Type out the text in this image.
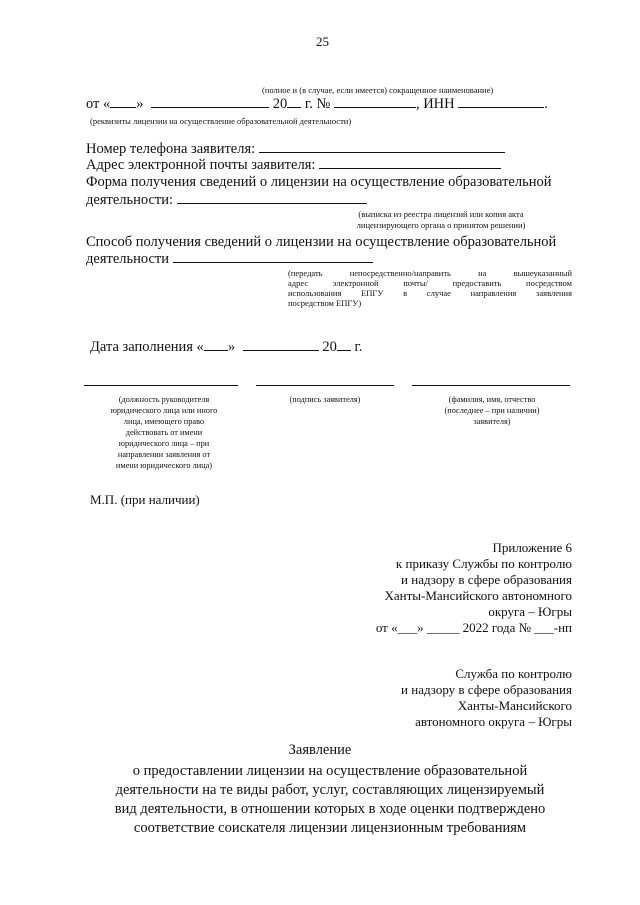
25
(полное и (в случае, если имеется) сокращенное наименование)
от « »	20 г. №	, ИНН	.
(реквизиты лицензии на осуществление образовательной деятельности)
Номер телефона заявителя:
Адрес электронной почты заявителя:
Форма получения сведений о лицензии на осуществление образовательной
деятельности:
(выписка из реестра лицензий или копия акта
лицензирующего органа о принятом решении)
Способ получения сведений о лицензии на осуществление образовательной
деятельности
(передать непосредственно/направить на вышеуказанный
адрес электронной почты/ предоставить посредством
использования ЕПГУ в случае направления заявления
посредством ЕПГУ)
Дата заполнения « »	20 г.
(должность руководителя
юридического лица или иного
лица, имеющего право
действовать от имени
юридического лица – при
направлении заявления от
имени юридического лица)
(подпись заявителя)	(фамилия, имя, отчество
(последнее – при наличии)
заявителя)
М.П. (при наличии)
Приложение 6
к приказу Службы по контролю
и надзору в сфере образования
Ханты-Мансийского автономного
округа – Югры
от «___» _____ 2022 года № ___-нп
Служба по контролю
и надзору в сфере образования
Ханты-Мансийского
автономного округа – Югры
Заявление
о предоставлении лицензии на осуществление образовательной
деятельности на те виды работ, услуг, составляющих лицензируемый
вид деятельности, в отношении которых в ходе оценки подтверждено
соответствие соискателя лицензии лицензионным требованиям
